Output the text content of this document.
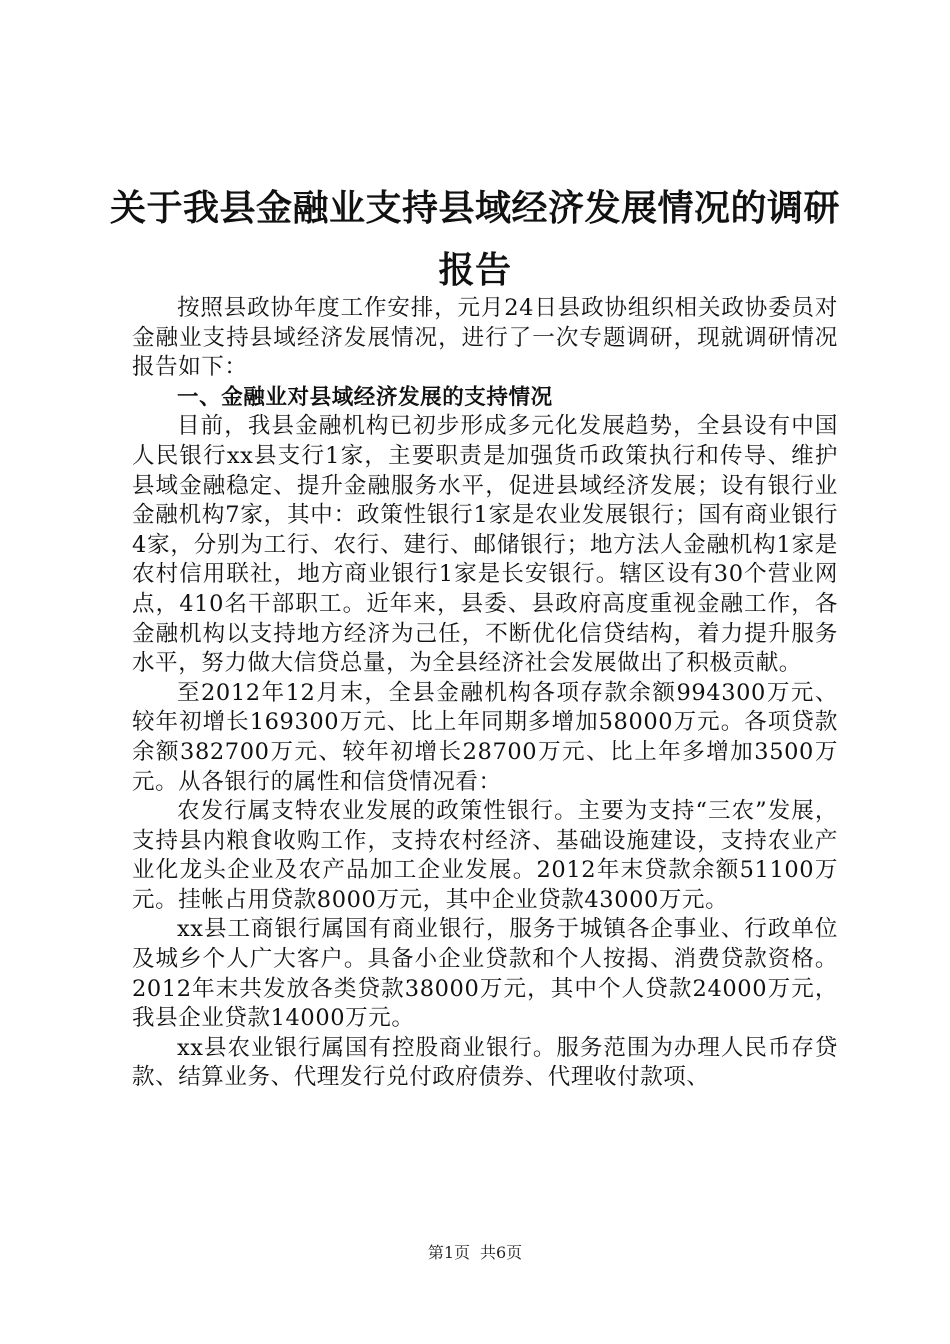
关于我县金融业支持县域经济发展情况的调研报告

按照县政协年度工作安排，元月24日县政协组织相关政协委员对金融业支持县域经济发展情况，进行了一次专题调研，现就调研情况报告如下：

一、金融业对县域经济发展的支持情况

目前，我县金融机构已初步形成多元化发展趋势，全县设有中国人民银行xx县支行1家，主要职责是加强货币政策执行和传导、维护县域金融稳定、提升金融服务水平，促进县域经济发展；设有银行业金融机构7家，其中：政策性银行1家是农业发展银行；国有商业银行4家，分别为工行、农行、建行、邮储银行；地方法人金融机构1家是农村信用联社，地方商业银行1家是长安银行。辖区设有30个营业网点，410名干部职工。近年来，县委、县政府高度重视金融工作，各金融机构以支持地方经济为己任，不断优化信贷结构，着力提升服务水平，努力做大信贷总量，为全县经济社会发展做出了积极贡献。

至2012年12月末，全县金融机构各项存款余额994300万元、较年初增长169300万元、比上年同期多增加58000万元。各项贷款余额382700万元、较年初增长28700万元、比上年多增加3500万元。从各银行的属性和信贷情况看：

农发行属支特农业发展的政策性银行。主要为支持“三农”发展，支持县内粮食收购工作，支持农村经济、基础设施建设，支持农业产业化龙头企业及农产品加工企业发展。2012年末贷款余额51100万元。挂帐占用贷款8000万元，其中企业贷款43000万元。

xx县工商银行属国有商业银行，服务于城镇各企事业、行政单位及城乡个人广大客户。具备小企业贷款和个人按揭、消费贷款资格。2012年末共发放各类贷款38000万元，其中个人贷款24000万元，我县企业贷款14000万元。

xx县农业银行属国有控股商业银行。服务范围为办理人民币存贷款、结算业务、代理发行兑付政府债券、代理收付款项、

第1页 共6页
